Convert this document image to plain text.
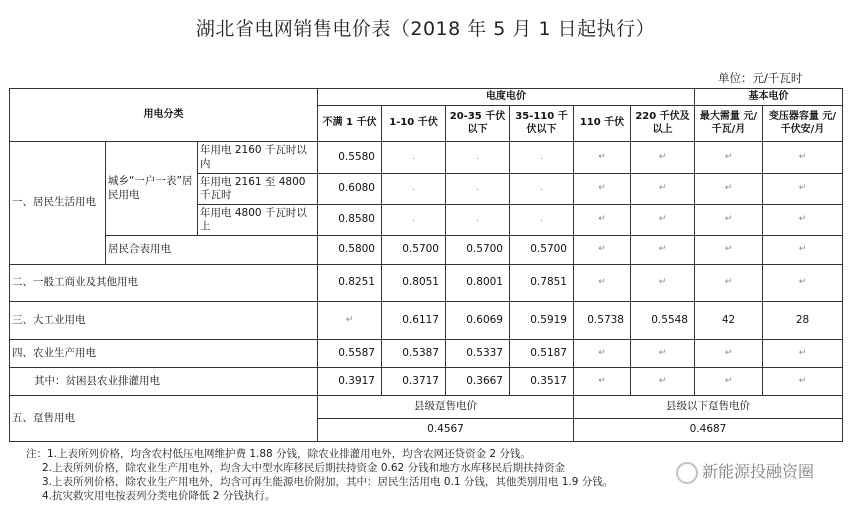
湖北省电网销售电价表（2018 年 5 月 1 日起执行）
单位：元/千瓦时
用电分类			电度电价						基本电价	
			不满 1 千伏	1-10 千伏	20-35 千伏以下	35-110 千伏以下	110 千伏	220 千伏及以上	最大需量 元/千瓦/月	变压器容量 元/千伏安/月
一、居民生活用电	城乡“一户一表”居民用电	年用电 2160 千瓦时以内	0.5580	.	.	.	↵	↵	↵	↵
		年用电 2161 至 4800 千瓦时	0.6080	.	.	.	↵	↵	↵	↵
		年用电 4800 千瓦时以上	0.8580	.	.	.	↵	↵	↵	↵
	居民合表用电		0.5800	0.5700	0.5700	0.5700	↵	↵	↵	↵
二、一般工商业及其他用电			0.8251	0.8051	0.8001	0.7851	↵	↵	↵	↵
三、大工业用电			↵	0.6117	0.6069	0.5919	0.5738	0.5548	42	28
四、农业生产用电			0.5587	0.5387	0.5337	0.5187	↵	↵	↵	↵
其中：贫困县农业排灌用电			0.3917	0.3717	0.3667	0.3517	↵	↵	↵	↵
五、趸售用电			县级趸售电价				县级以下趸售电价			
			0.4567				0.4687			
注：1.上表所列价格，均含农村低压电网维护费 1.88 分钱，除农业排灌用电外，均含农网还贷资金 2 分钱。
2.上表所列价格，除农业生产用电外，均含大中型水库移民后期扶持资金 0.62 分钱和地方水库移民后期扶持资金
3.上表所列价格，除农业生产用电外，均含可再生能源电价附加，其中：居民生活用电 0.1 分钱，其他类别用电 1.9 分钱。
4.抗灾救灾用电按表列分类电价降低 2 分钱执行。
新能源投融资圈
